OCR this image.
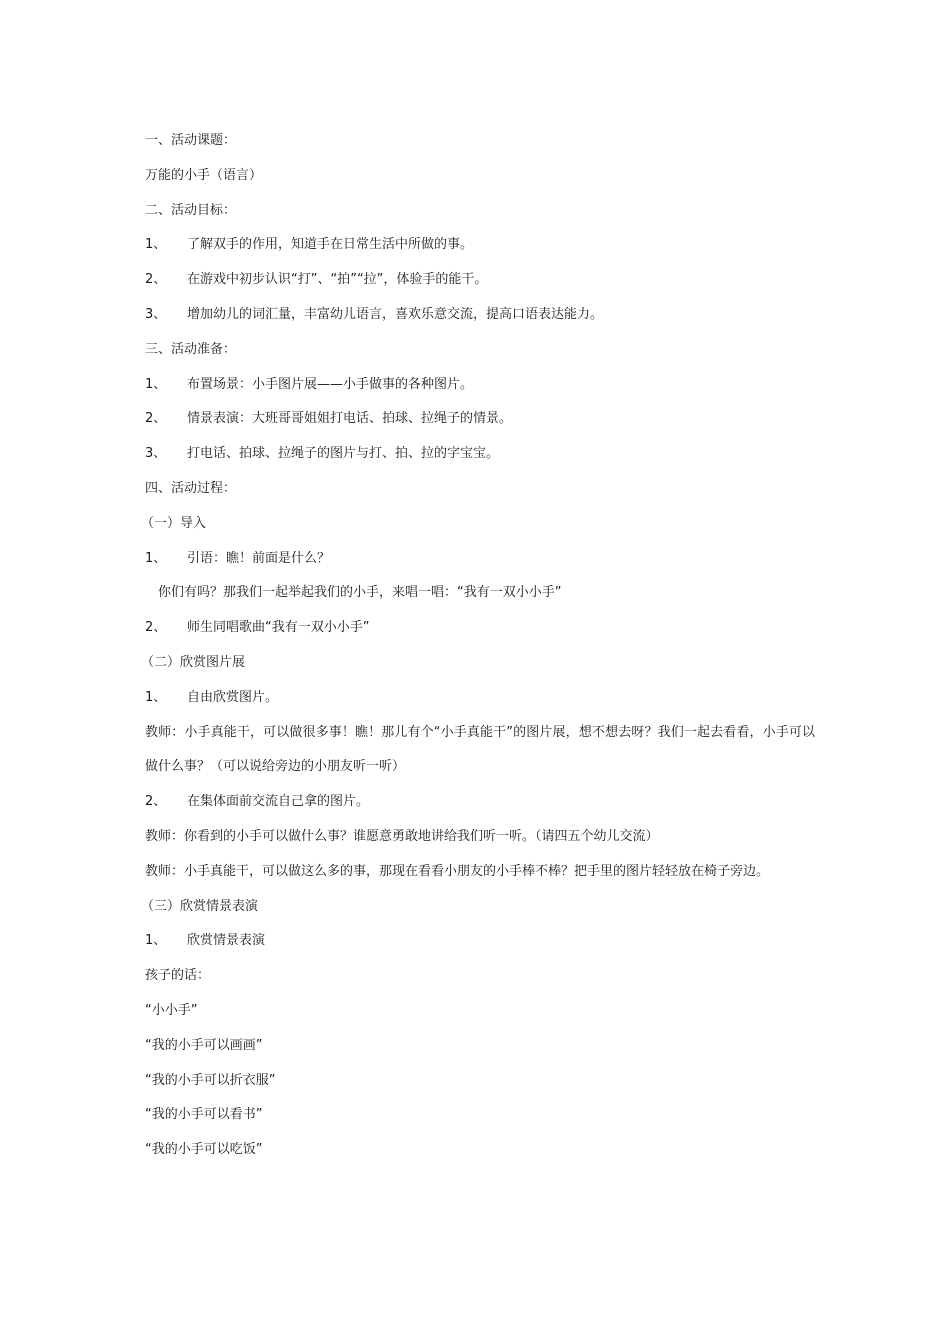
一、活动课题：
万能的小手（语言）
二、活动目标：
1、 了解双手的作用，知道手在日常生活中所做的事。
2、 在游戏中初步认识“打”、“拍”“拉”，体验手的能干。
3、 增加幼儿的词汇量，丰富幼儿语言，喜欢乐意交流，提高口语表达能力。
三、活动准备：
1、 布置场景：小手图片展——小手做事的各种图片。
2、 情景表演：大班哥哥姐姐打电话、拍球、拉绳子的情景。
3、 打电话、拍球、拉绳子的图片与打、拍、拉的字宝宝。
四、活动过程：
（一）导入
1、 引语：瞧！前面是什么？
你们有吗？那我们一起举起我们的小手，来唱一唱：“我有一双小小手”
2、 师生同唱歌曲“我有一双小小手”
（二）欣赏图片展
1、 自由欣赏图片。
教师：小手真能干，可以做很多事！瞧！那儿有个“小手真能干”的图片展，想不想去呀？我们一起去看看，小手可以做什么事？（可以说给旁边的小朋友听一听）
2、 在集体面前交流自己拿的图片。
教师：你看到的小手可以做什么事？谁愿意勇敢地讲给我们听一听。（请四五个幼儿交流）
教师：小手真能干，可以做这么多的事，那现在看看小朋友的小手棒不棒？把手里的图片轻轻放在椅子旁边。
（三）欣赏情景表演
1、 欣赏情景表演
孩子的话：
“小小手”
“我的小手可以画画”
“我的小手可以折衣服”
“我的小手可以看书”
“我的小手可以吃饭”
